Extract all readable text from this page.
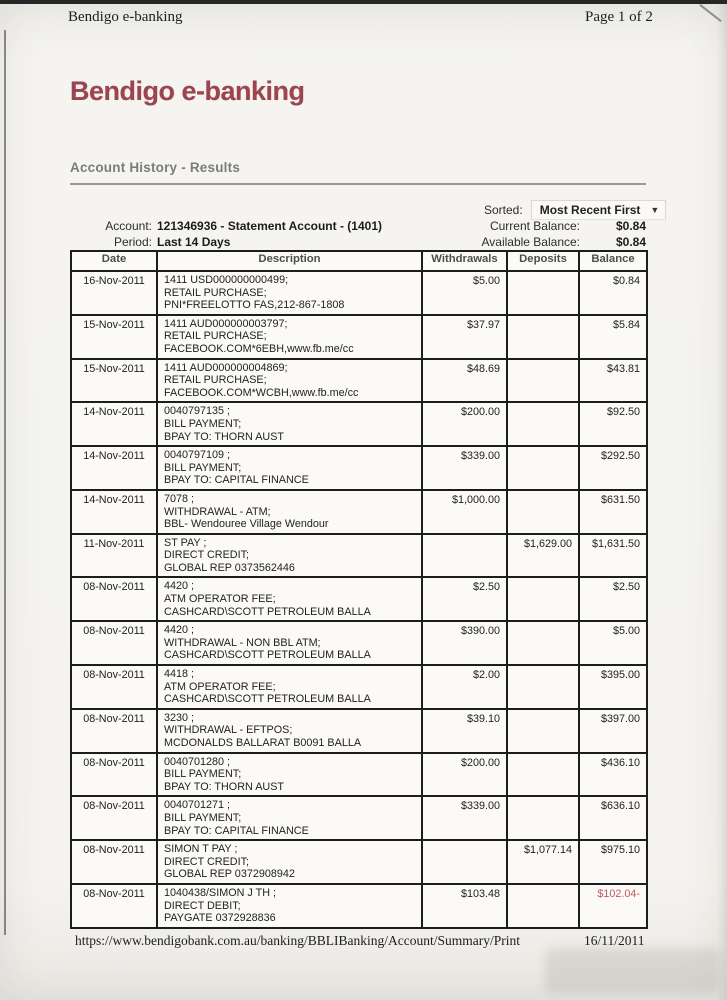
Bendigo e-banking	Page 1 of 2
Bendigo e-banking
Account History - Results
Sorted: Most Recent First ▼
Account: 121346936 - Statement Account - (1401)
Period: Last 14 Days
Current Balance:	$0.84
Available Balance:	$0.84
Date	Description	Withdrawals	Deposits	Balance
16-Nov-2011	1411 USD000000000499;
RETAIL PURCHASE;
PNI*FREELOTTO FAS,212-867-1808	$5.00		$0.84
15-Nov-2011	1411 AUD000000003797;
RETAIL PURCHASE;
FACEBOOK.COM*6EBH,www.fb.me/cc	$37.97		$5.84
15-Nov-2011	1411 AUD000000004869;
RETAIL PURCHASE;
FACEBOOK.COM*WCBH,www.fb.me/cc	$48.69		$43.81
14-Nov-2011	0040797135 ;
BILL PAYMENT;
BPAY TO: THORN AUST	$200.00		$92.50
14-Nov-2011	0040797109 ;
BILL PAYMENT;
BPAY TO: CAPITAL FINANCE	$339.00		$292.50
14-Nov-2011	7078 ;
WITHDRAWAL - ATM;
BBL- Wendouree Village Wendour	$1,000.00		$631.50
11-Nov-2011	ST PAY ;
DIRECT CREDIT;
GLOBAL REP 0373562446		$1,629.00	$1,631.50
08-Nov-2011	4420 ;
ATM OPERATOR FEE;
CASHCARD\SCOTT PETROLEUM BALLA	$2.50		$2.50
08-Nov-2011	4420 ;
WITHDRAWAL - NON BBL ATM;
CASHCARD\SCOTT PETROLEUM BALLA	$390.00		$5.00
08-Nov-2011	4418 ;
ATM OPERATOR FEE;
CASHCARD\SCOTT PETROLEUM BALLA	$2.00		$395.00
08-Nov-2011	3230 ;
WITHDRAWAL - EFTPOS;
MCDONALDS BALLARAT B0091 BALLA	$39.10		$397.00
08-Nov-2011	0040701280 ;
BILL PAYMENT;
BPAY TO: THORN AUST	$200.00		$436.10
08-Nov-2011	0040701271 ;
BILL PAYMENT;
BPAY TO: CAPITAL FINANCE	$339.00		$636.10
08-Nov-2011	SIMON T PAY ;
DIRECT CREDIT;
GLOBAL REP 0372908942		$1,077.14	$975.10
08-Nov-2011	1040438/SIMON J TH ;
DIRECT DEBIT;
PAYGATE 0372928836	$103.48		$102.04-
https://www.bendigobank.com.au/banking/BBLIBanking/Account/Summary/Print	16/11/2011
